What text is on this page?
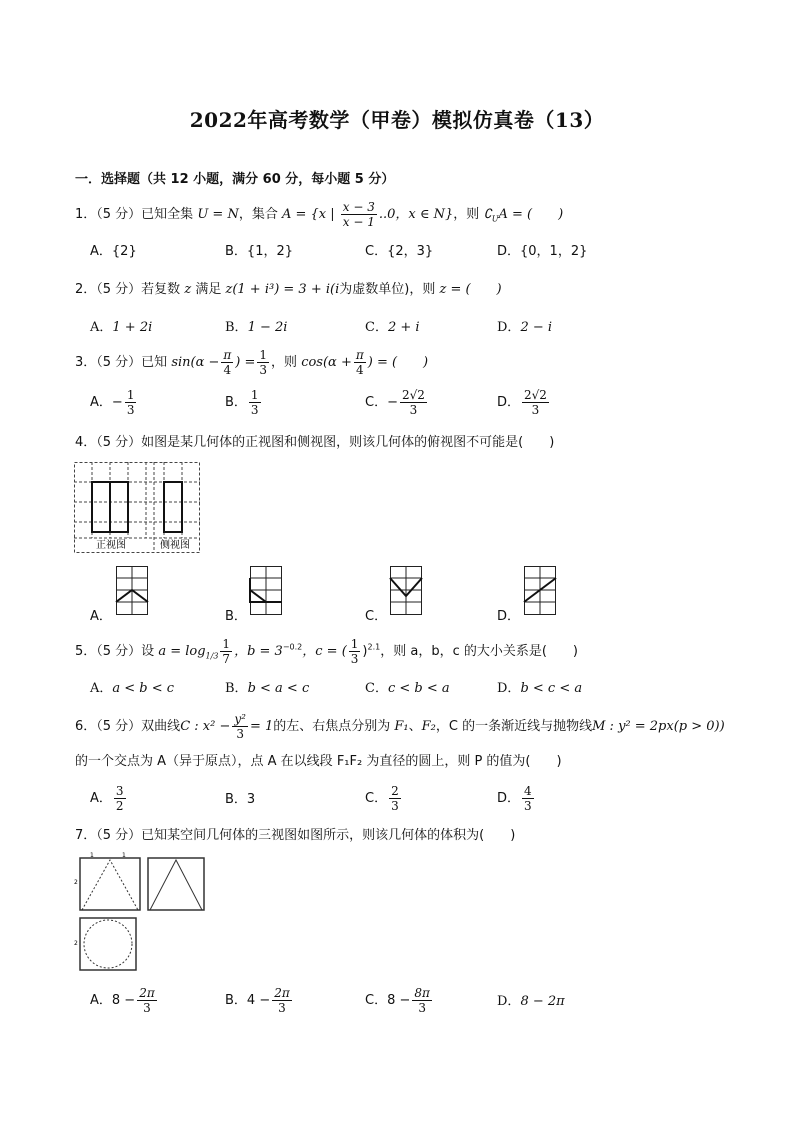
2022年高考数学（甲卷）模拟仿真卷（13）
一．选择题（共 12 小题，满分 60 分，每小题 5 分）
1．（5 分）已知全集 U = N，集合 A = {x | $\frac{x - 3}{x - 1} ..0$，x ∈ N}，则 $∁_UA$ = (　　)
A．{2}	B．{1，2}	C．{2，3}	D．{0，1，2}
2．（5 分）若复数 z 满足 z(1 + i³) = 3 + i(i为虚数单位)，则 z = (　　)
A．1 + 2i	B．1 − 2i	C．2 + i	D．2 − i
3．（5 分）已知 $\sin(\alpha - \frac{\pi}{4}$ ) = $\frac{1}{3}$ ，则 $\cos(\alpha + \frac{\pi}{4}$ ) = (　　)
A．− $\frac{1}{3}$	B． $\frac{1}{3}$	C．− $\frac{2√2}{3}$	D． $\frac{2√2}{3}$
4．（5 分）如图是某几何体的正视图和侧视图，则该几何体的俯视图不可能是(　　)
正视图	侧视图
A．	B．	C．	D．
5．（5 分）设 $a = \log_{1/3} \frac{1}{7}$ ，$b = 3^{-0.2}$，c = ( $\frac{1}{3} )^{2.1}$，则 a，b，c 的大小关系是(　　)
A．a < b < c	B．b < a < c	C．c < b < a	D．b < c < a
6．（5 分）双曲线C : $x^2 - \frac{\text{y²}}{3} = 1$的左、右焦点分别为 F₁、F₂，C 的一条渐近线与抛物线M : y² = 2px(p > 0))
的一个交点为 A（异于原点），点 A 在以线段 F₁F₂ 为直径的圆上，则 P 的值为(　　)
A． $\frac{3}{2}$	B．3	C． $\frac{2}{3}$	D． $\frac{4}{3}$
7．（5 分）已知某空间几何体的三视图如图所示，则该几何体的体积为(　　)
1	1
2
2
A．$8 - \frac{2\pi}{3}$	B．$4 - \frac{2\pi}{3}$	C．$8 - \frac{8\pi}{3}$	D．8 − 2π
